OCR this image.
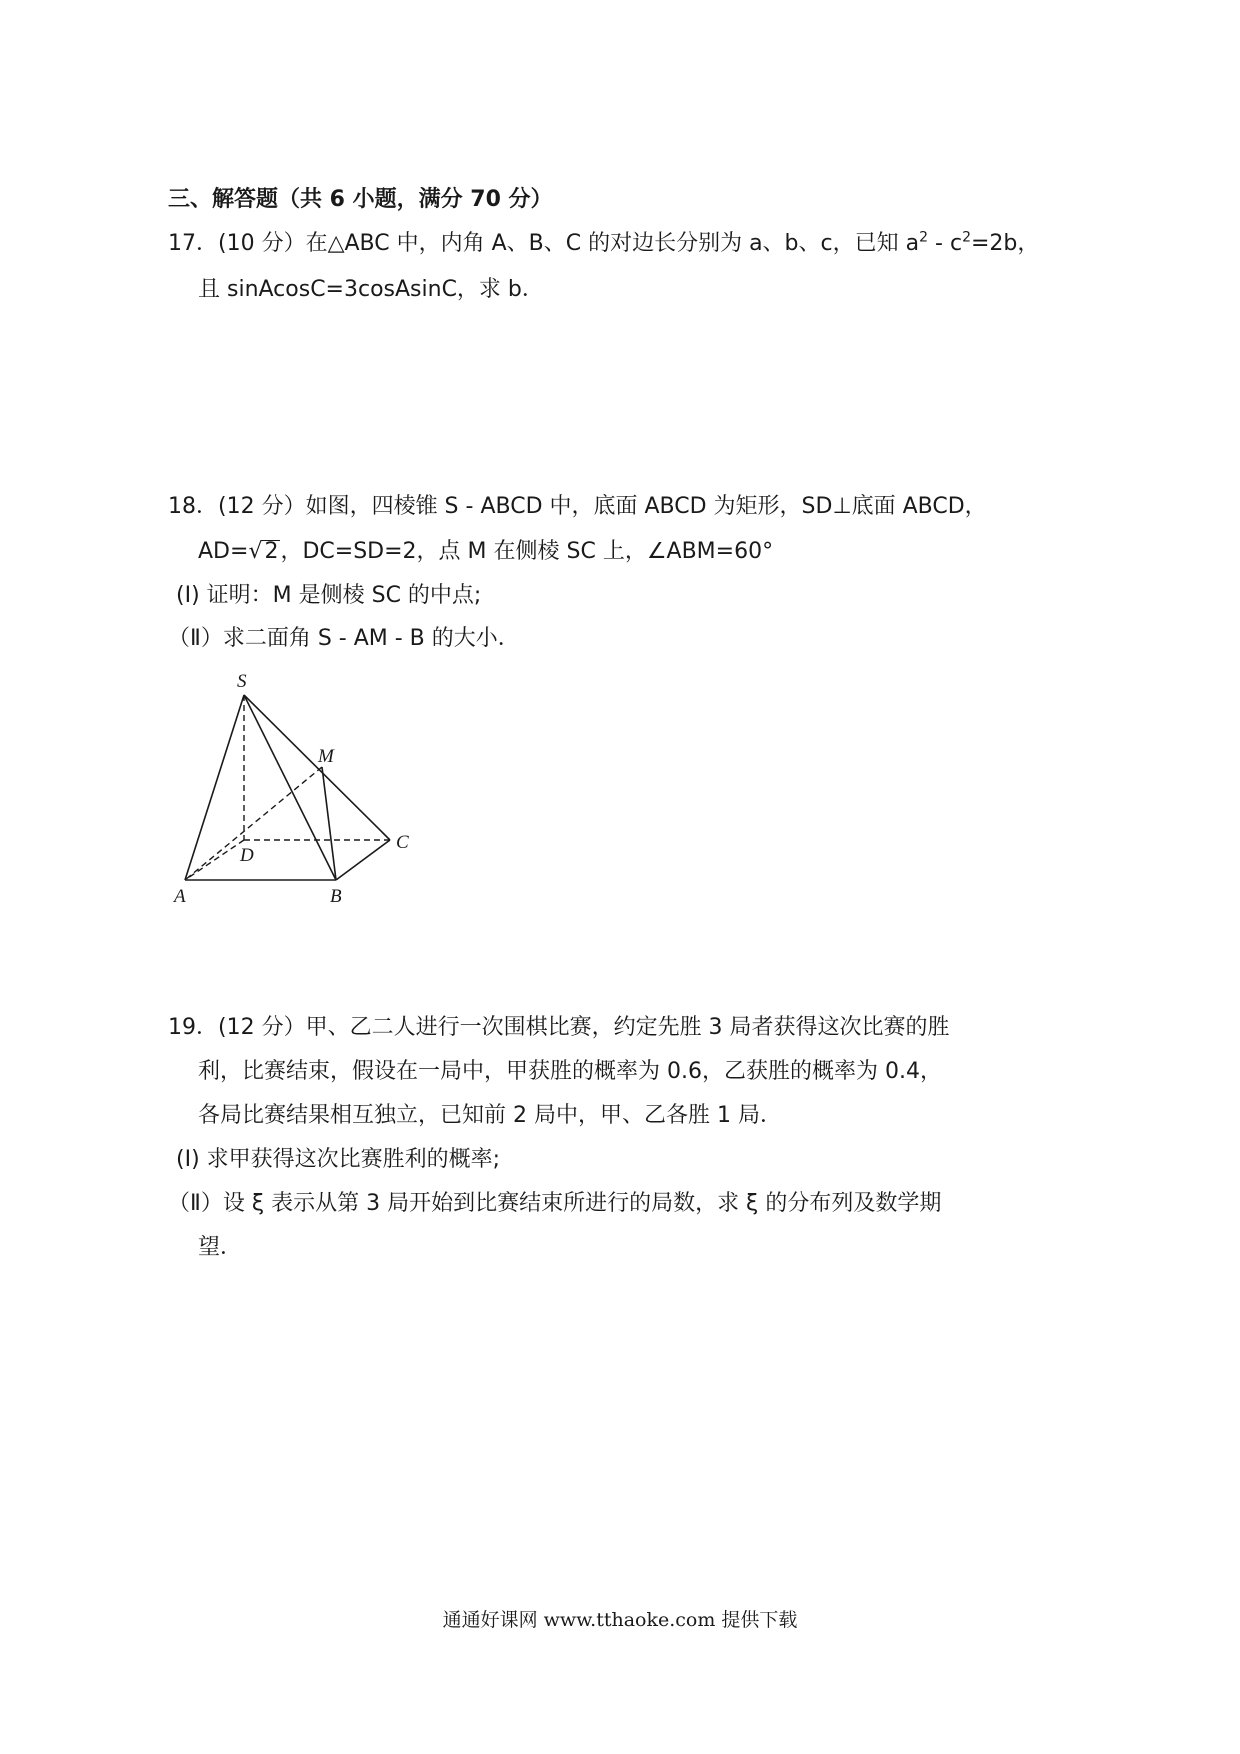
三、解答题（共 6 小题，满分 70 分）
17．(10 分）在△ABC 中，内角 A、B、C 的对边长分别为 a、b、c，已知 $a^2 - c^2=2b$，
且 sinAcosC=3cosAsinC，求 b．
18．(12 分）如图，四棱锥 S - ABCD 中，底面 ABCD 为矩形，SD⊥底面 ABCD，
AD=√2，DC=SD=2，点 M 在侧棱 SC 上，∠ABM=60°
(Ⅰ) 证明：M 是侧棱 SC 的中点;
（Ⅱ）求二面角 S - AM - B 的大小．
S
M
D
C
A	B
19．(12 分）甲、乙二人进行一次围棋比赛，约定先胜 3 局者获得这次比赛的胜
利，比赛结束，假设在一局中，甲获胜的概率为 0.6，乙获胜的概率为 0.4，
各局比赛结果相互独立，已知前 2 局中，甲、乙各胜 1 局．
(Ⅰ) 求甲获得这次比赛胜利的概率;
（Ⅱ）设 ξ 表示从第 3 局开始到比赛结束所进行的局数，求 ξ 的分布列及数学期
望．
通通好课网 www.tthaoke.com 提供下载
